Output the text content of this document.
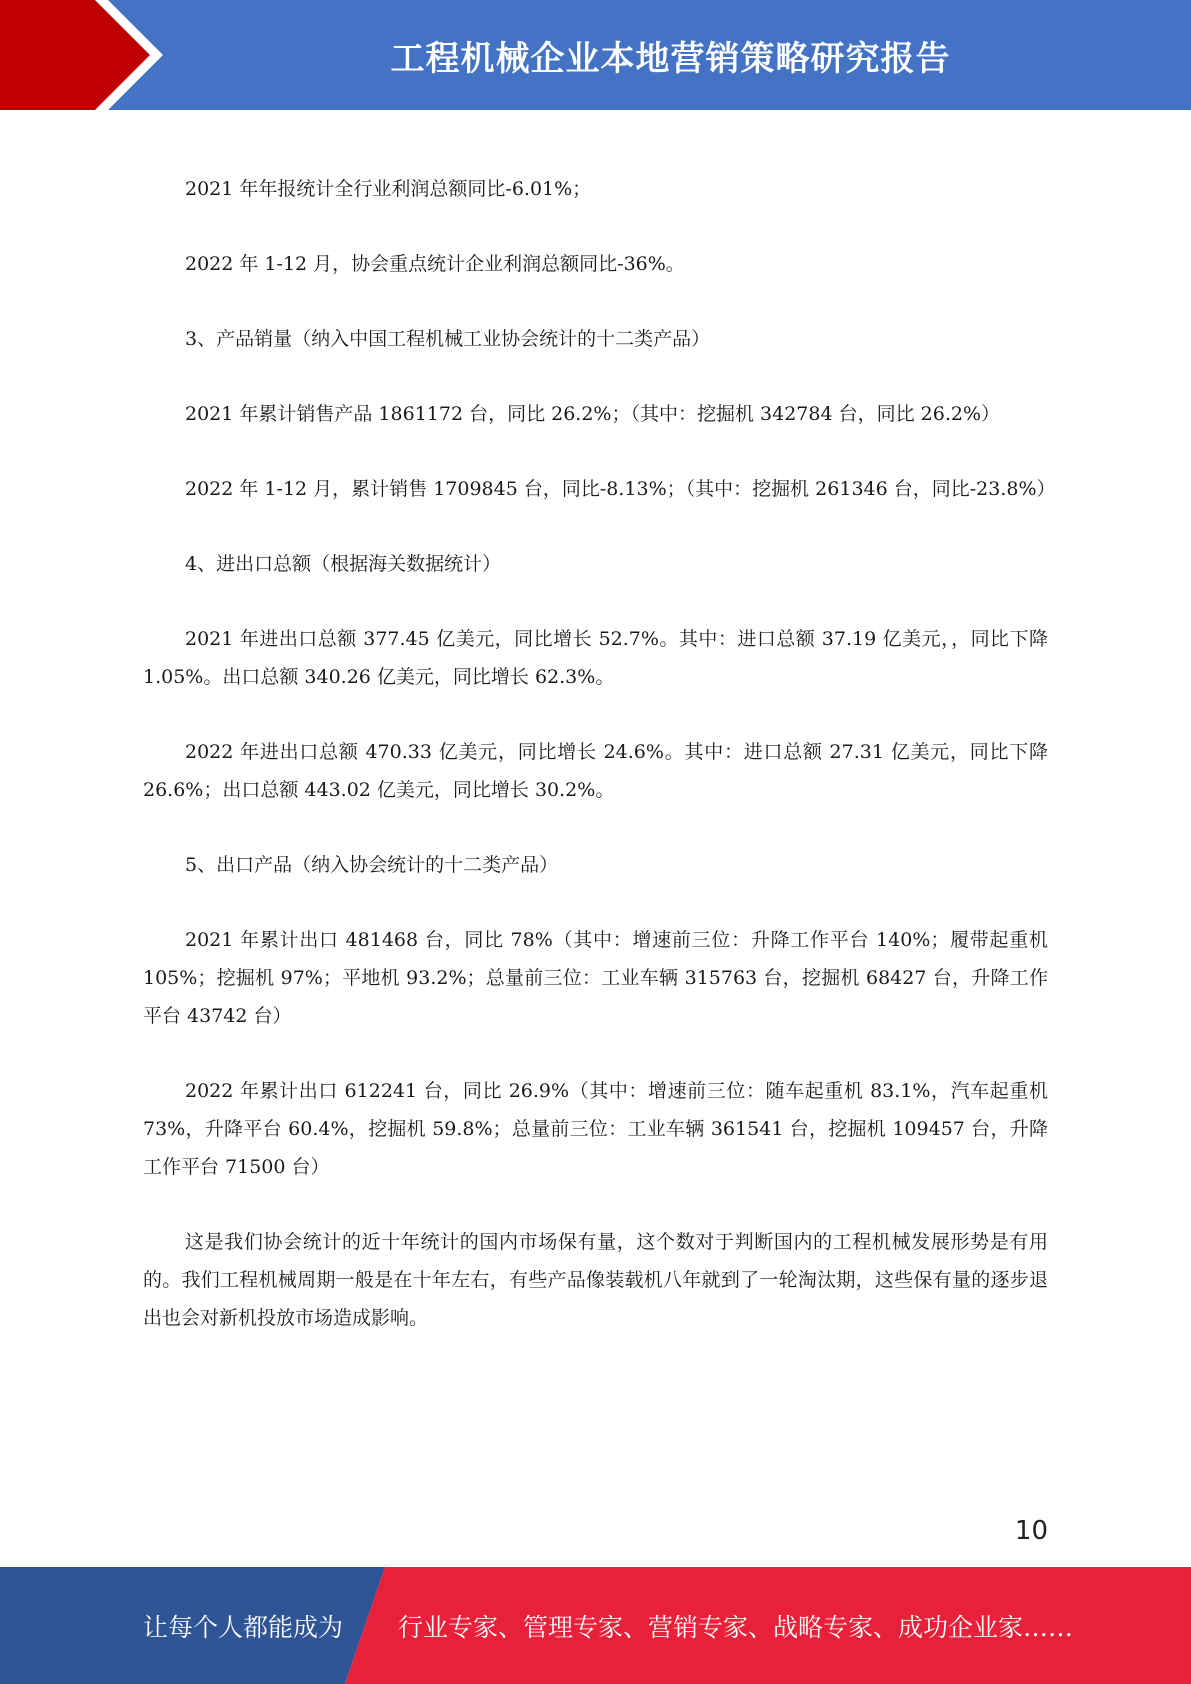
工程机械企业本地营销策略研究报告

2021 年年报统计全行业利润总额同比-6.01%；

2022 年 1-12 月，协会重点统计企业利润总额同比-36%。

3、产品销量（纳入中国工程机械工业协会统计的十二类产品）

2021 年累计销售产品 1861172 台，同比 26.2%；（其中：挖掘机 342784 台，同比 26.2%）

2022 年 1-12 月，累计销售 1709845 台，同比-8.13%；（其中：挖掘机 261346 台，同比-23.8%）

4、进出口总额（根据海关数据统计）

2021 年进出口总额 377.45 亿美元，同比增长 52.7%。其中：进口总额 37.19 亿美元，，同比下降 1.05%。出口总额 340.26 亿美元，同比增长 62.3%。

2022 年进出口总额 470.33 亿美元，同比增长 24.6%。其中：进口总额 27.31 亿美元，同比下降 26.6%；出口总额 443.02 亿美元，同比增长 30.2%。

5、出口产品（纳入协会统计的十二类产品）

2021 年累计出口 481468 台，同比 78%（其中：增速前三位：升降工作平台 140%；履带起重机 105%；挖掘机 97%；平地机 93.2%；总量前三位：工业车辆 315763 台，挖掘机 68427 台，升降工作平台 43742 台）

2022 年累计出口 612241 台，同比 26.9%（其中：增速前三位：随车起重机 83.1%，汽车起重机 73%，升降平台 60.4%，挖掘机 59.8%；总量前三位：工业车辆 361541 台，挖掘机 109457 台，升降工作平台 71500 台）

这是我们协会统计的近十年统计的国内市场保有量，这个数对于判断国内的工程机械发展形势是有用的。我们工程机械周期一般是在十年左右，有些产品像装载机八年就到了一轮淘汰期，这些保有量的逐步退出也会对新机投放市场造成影响。

10
让每个人都能成为 行业专家、管理专家、营销专家、战略专家、成功企业家……
